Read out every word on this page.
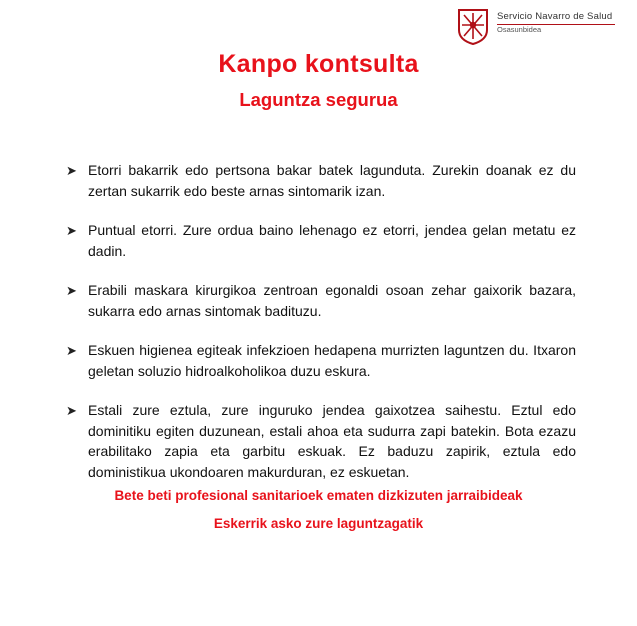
Servicio Navarro de Salud
Osasunbidea
Kanpo kontsulta
Laguntza segurua
➤ Etorri bakarrik edo pertsona bakar batek lagunduta. Zurekin doanak ez du zertan sukarrik edo beste arnas sintomarik izan.
➤ Puntual etorri. Zure ordua baino lehenago ez etorri, jendea gelan metatu ez dadin.
➤ Erabili maskara kirurgikoa zentroan egonaldi osoan zehar gaixorik bazara, sukarra edo arnas sintomak badituzu.
➤ Eskuen higienea egiteak infekzioen hedapena murrizten laguntzen du. Itxaron geletan soluzio hidroalkoholikoa duzu eskura.
➤ Estali zure eztula, zure inguruko jendea gaixotzea saihestu. Eztul edo dominitiku egiten duzunean, estali ahoa eta sudurra zapi batekin. Bota ezazu erabilitako zapia eta garbitu eskuak. Ez baduzu zapirik, eztula edo doministikua ukondoaren makurduran, ez eskuetan.

Bete beti profesional sanitarioek ematen dizkizuten jarraibideak

Eskerrik asko zure laguntzagatik
